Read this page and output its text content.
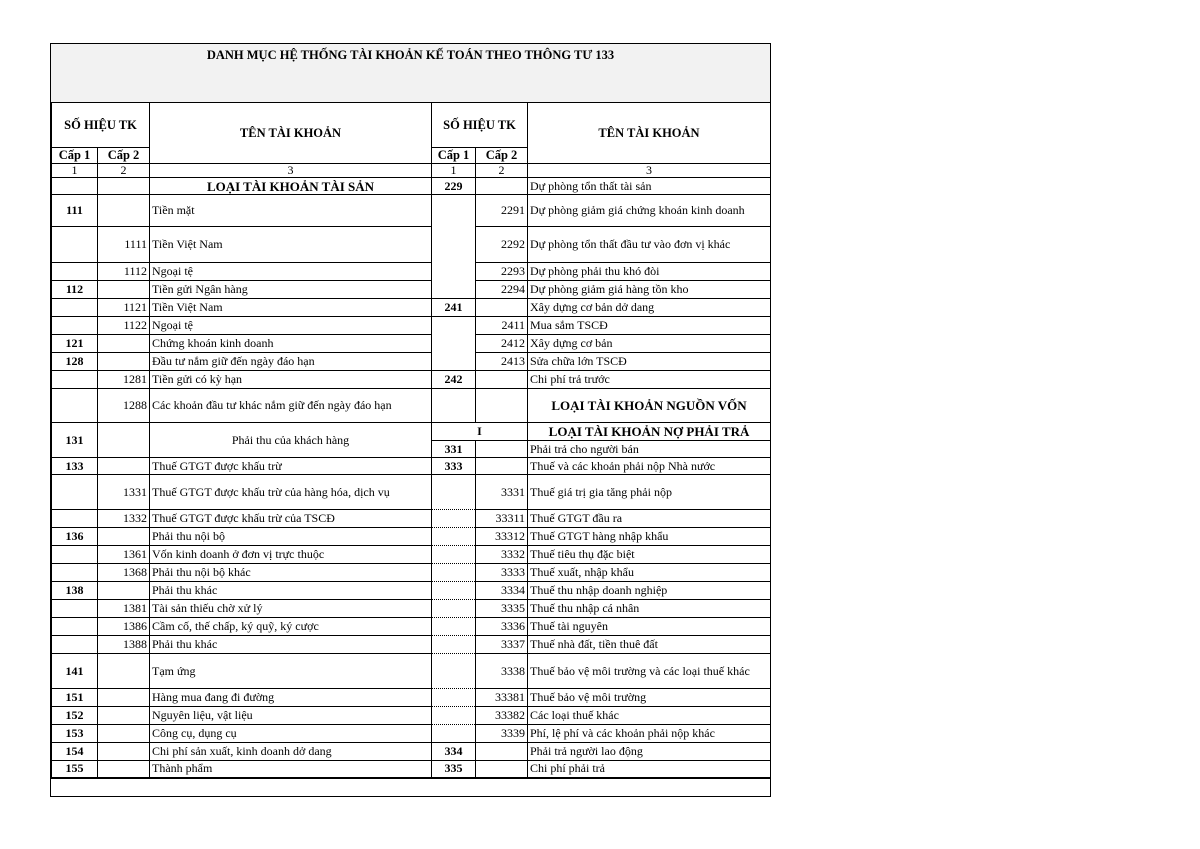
DANH MỤC HỆ THỐNG TÀI KHOẢN KẾ TOÁN THEO THÔNG TƯ 133
SỐ HIỆU TK		TÊN TÀI KHOẢN	SỐ HIỆU TK		TÊN TÀI KHOẢN
Cấp 1	Cấp 2		Cấp 1	Cấp 2	
1	2	3	1	2	3
		LOẠI TÀI KHOẢN TÀI SẢN	229		Dự phòng tổn thất tài sản
111		Tiền mặt		2291	Dự phòng giảm giá chứng khoán kinh doanh
	1111	Tiền Việt Nam		2292	Dự phòng tổn thất đầu tư vào đơn vị khác
	1112	Ngoại tệ		2293	Dự phòng phải thu khó đòi
112		Tiền gửi Ngân hàng		2294	Dự phòng giảm giá hàng tồn kho
	1121	Tiền Việt Nam	241		Xây dựng cơ bản dở dang
	1122	Ngoại tệ		2411	Mua sắm TSCĐ
121		Chứng khoán kinh doanh		2412	Xây dựng cơ bản
128		Đầu tư nắm giữ đến ngày đáo hạn		2413	Sửa chữa lớn TSCĐ
	1281	Tiền gửi có kỳ hạn	242		Chi phí trả trước
	1288	Các khoản đầu tư khác nắm giữ đến ngày đáo hạn			LOẠI TÀI KHOẢN NGUỒN VỐN
131		Phải thu của khách hàng	I		LOẠI TÀI KHOẢN NỢ PHẢI TRẢ
			331		Phải trả cho người bán
133		Thuế GTGT được khấu trừ	333		Thuế và các khoản phải nộp Nhà nước
	1331	Thuế GTGT được khấu trừ của hàng hóa, dịch vụ		3331	Thuế giá trị gia tăng phải nộp
	1332	Thuế GTGT được khấu trừ của TSCĐ		33311	Thuế GTGT đầu ra
136		Phải thu nội bộ		33312	Thuế GTGT hàng nhập khẩu
	1361	Vốn kinh doanh ở đơn vị trực thuộc		3332	Thuế tiêu thụ đặc biệt
	1368	Phải thu nội bộ khác		3333	Thuế xuất, nhập khẩu
138		Phải thu khác		3334	Thuế thu nhập doanh nghiệp
	1381	Tài sản thiếu chờ xử lý		3335	Thuế thu nhập cá nhân
	1386	Cầm cố, thế chấp, ký quỹ, ký cược		3336	Thuế tài nguyên
	1388	Phải thu khác		3337	Thuế nhà đất, tiền thuê đất
141		Tạm ứng		3338	Thuế bảo vệ môi trường và các loại thuế khác
151		Hàng mua đang đi đường		33381	Thuế bảo vệ môi trường
152		Nguyên liệu, vật liệu		33382	Các loại thuế khác
153		Công cụ, dụng cụ		3339	Phí, lệ phí và các khoản phải nộp khác
154		Chi phí sản xuất, kinh doanh dở dang	334		Phải trả người lao động
155		Thành phẩm	335		Chi phí phải trả
